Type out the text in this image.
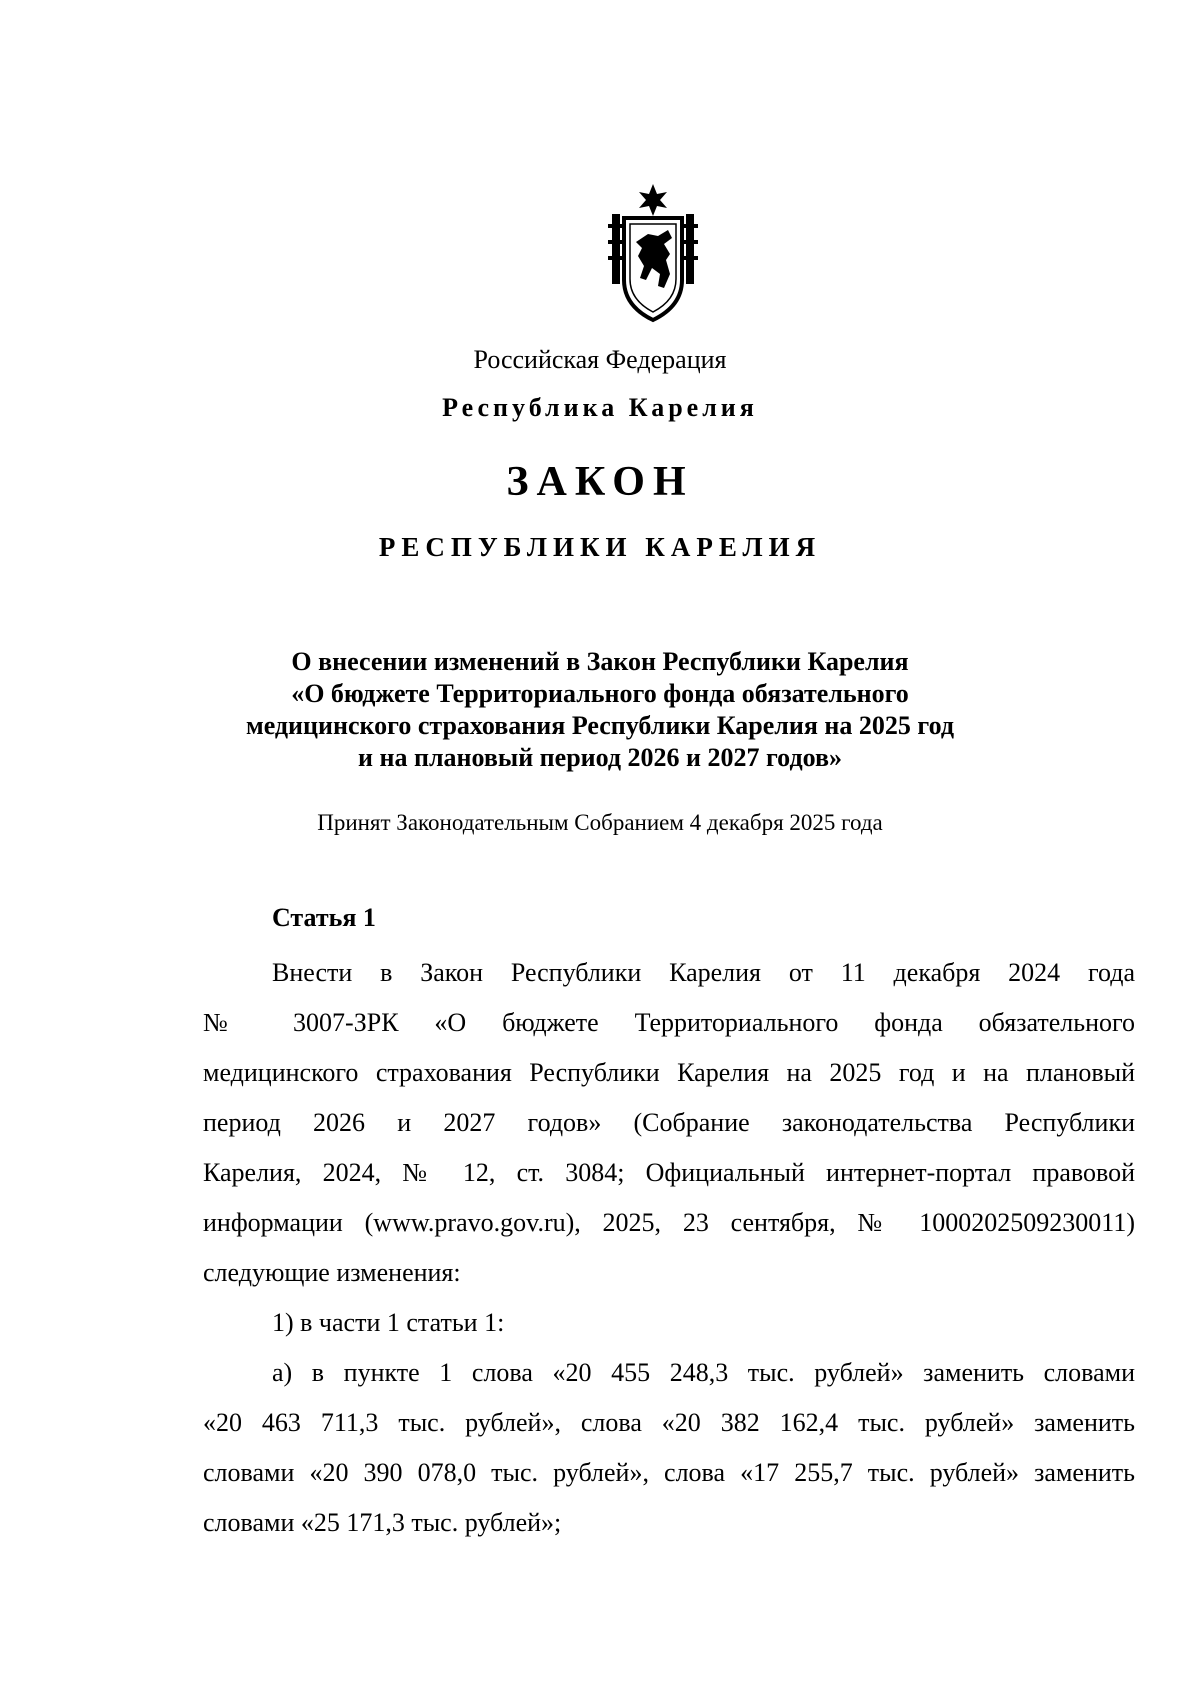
Российская Федерация

Республика Карелия

ЗАКОН

РЕСПУБЛИКИ КАРЕЛИЯ

О внесении изменений в Закон Республики Карелия
«О бюджете Территориального фонда обязательного
медицинского страхования Республики Карелия на 2025 год
и на плановый период 2026 и 2027 годов»

Принят Законодательным Собранием 4 декабря 2025 года

Статья 1

Внести в Закон Республики Карелия от 11 декабря 2024 года
№ 3007-ЗРК «О бюджете Территориального фонда обязательного
медицинского страхования Республики Карелия на 2025 год и на плановый
период 2026 и 2027 годов» (Собрание законодательства Республики
Карелия, 2024, № 12, ст. 3084; Официальный интернет-портал правовой
информации (www.pravo.gov.ru), 2025, 23 сентября, № 1000202509230011)
следующие изменения:

1) в части 1 статьи 1:

а) в пункте 1 слова «20 455 248,3 тыс. рублей» заменить словами
«20 463 711,3 тыс. рублей», слова «20 382 162,4 тыс. рублей» заменить
словами «20 390 078,0 тыс. рублей», слова «17 255,7 тыс. рублей» заменить
словами «25 171,3 тыс. рублей»;
